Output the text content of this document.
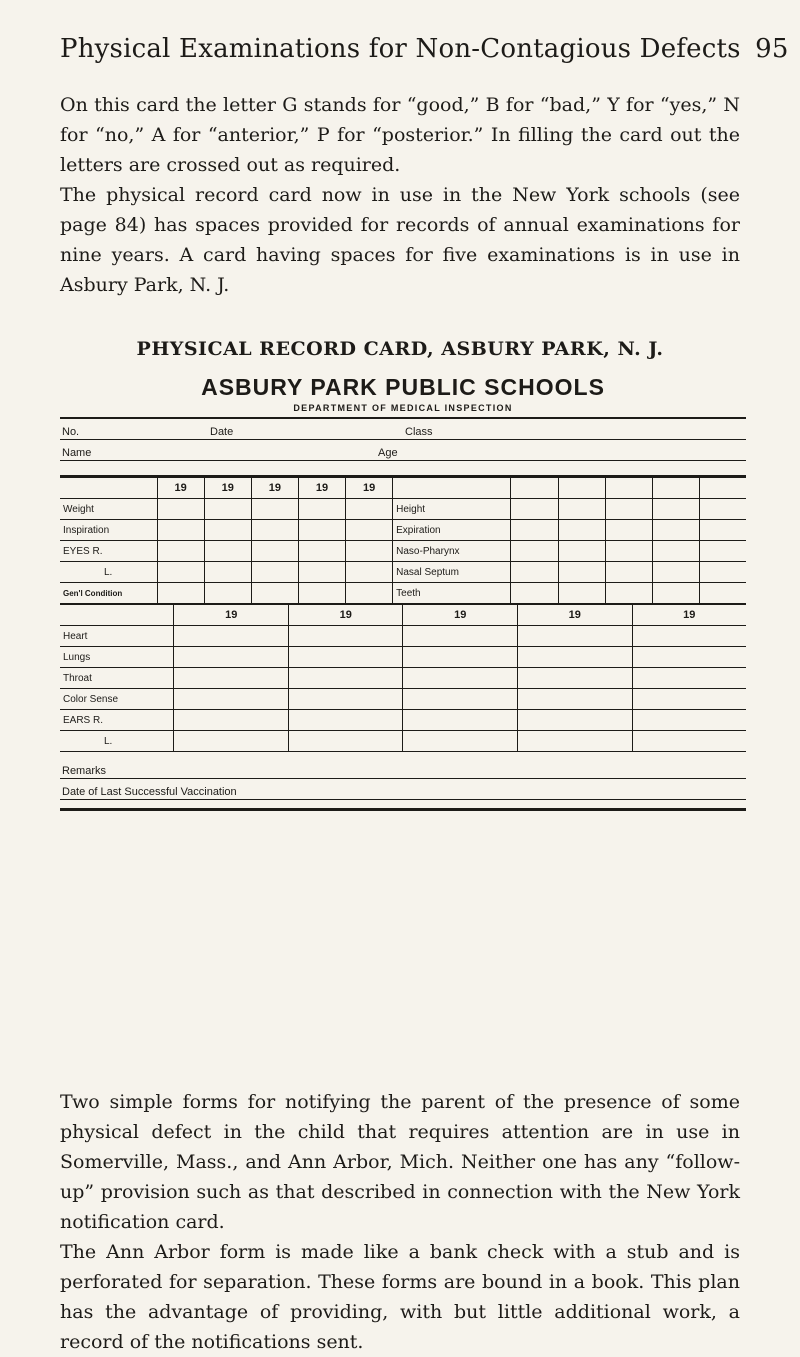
Physical Examinations for Non-Contagious Defects 95

On this card the letter G stands for “good,” B for “bad,” Y for “yes,” N for “no,” A for “anterior,” P for “posterior.” In filling the card out the letters are crossed out as required.

The physical record card now in use in the New York schools (see page 84) has spaces provided for records of annual examinations for nine years. A card having spaces for five examinations is in use in Asbury Park, N. J.

PHYSICAL RECORD CARD, ASBURY PARK, N. J.
ASBURY PARK PUBLIC SCHOOLS
DEPARTMENT OF MEDICAL INSPECTION
No.	Date	Class
Name	Age
	19	19	19	19	19						
Weight						Height					
Inspiration						Expiration					
EYES R.						Naso-Pharynx					
L.						Nasal Septum					
Gen'l Condition						Teeth					
	19	19	19	19	19
Heart					
Lungs					
Throat					
Color Sense					
EARS R.					
L.					
Remarks
Date of Last Successful Vaccination

Two simple forms for notifying the parent of the presence of some physical defect in the child that requires attention are in use in Somerville, Mass., and Ann Arbor, Mich. Neither one has any “follow-up” provision such as that described in connection with the New York notification card.

The Ann Arbor form is made like a bank check with a stub and is perforated for separation. These forms are bound in a book. This plan has the advantage of providing, with but little additional work, a record of the notifications sent.
